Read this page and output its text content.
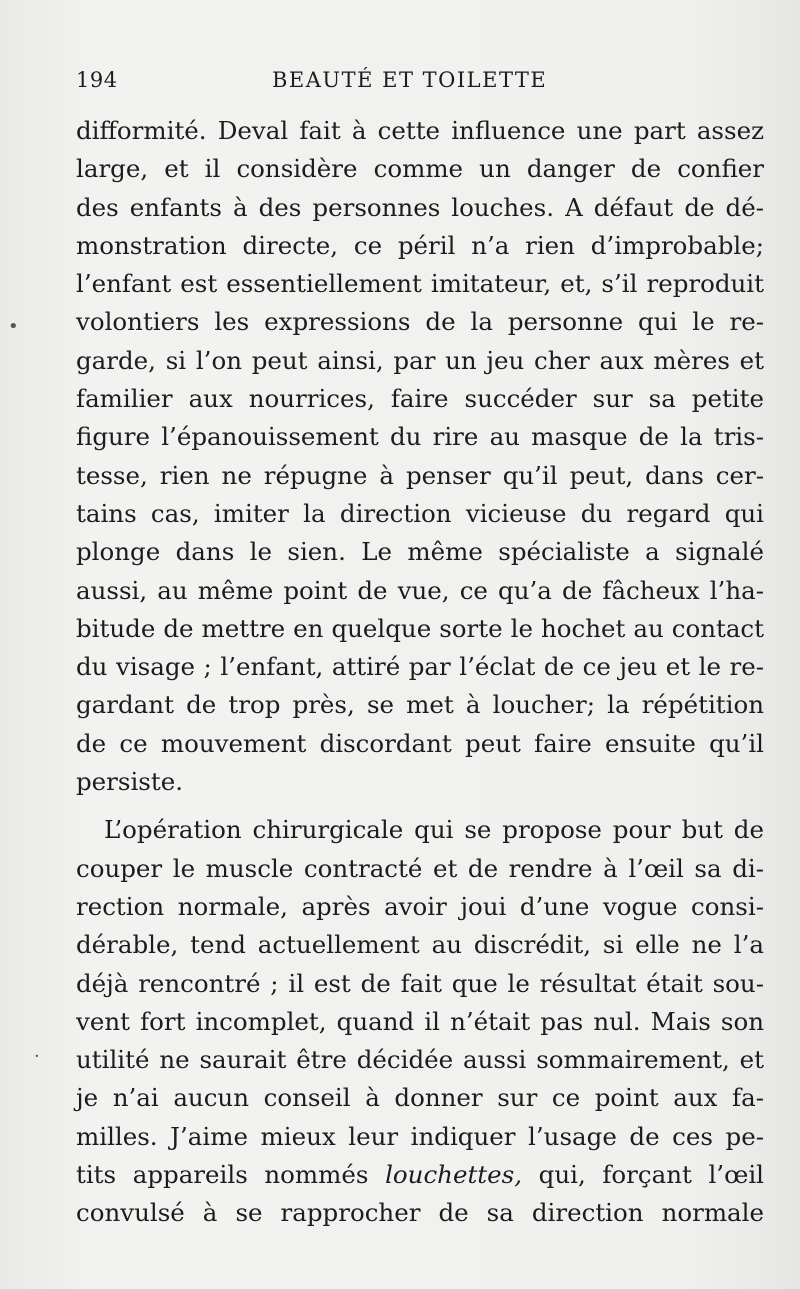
194	BEAUTÉ ET TOILETTE
difformité. Deval fait à cette influence une part assez
large, et il considère comme un danger de confier
des enfants à des personnes louches. A défaut de dé-
monstration directe, ce péril n’a rien d’improbable;
l’enfant est essentiellement imitateur, et, s’il reproduit
volontiers les expressions de la personne qui le re-
garde, si l’on peut ainsi, par un jeu cher aux mères et
familier aux nourrices, faire succéder sur sa petite
figure l’épanouissement du rire au masque de la tris-
tesse, rien ne répugne à penser qu’il peut, dans cer-
tains cas, imiter la direction vicieuse du regard qui
plonge dans le sien. Le même spécialiste a signalé
aussi, au même point de vue, ce qu’a de fâcheux l’ha-
bitude de mettre en quelque sorte le hochet au contact
du visage ; l’enfant, attiré par l’éclat de ce jeu et le re-
gardant de trop près, se met à loucher; la répétition
de ce mouvement discordant peut faire ensuite qu’il
persiste.
L’opération chirurgicale qui se propose pour but de
couper le muscle contracté et de rendre à l’œil sa di-
rection normale, après avoir joui d’une vogue consi-
dérable, tend actuellement au discrédit, si elle ne l’a
déjà rencontré ; il est de fait que le résultat était sou-
vent fort incomplet, quand il n’était pas nul. Mais son
utilité ne saurait être décidée aussi sommairement, et
je n’ai aucun conseil à donner sur ce point aux fa-
milles. J’aime mieux leur indiquer l’usage de ces pe-
tits appareils nommés louchettes, qui, forçant l’œil
convulsé à se rapprocher de sa direction normale
•
·
